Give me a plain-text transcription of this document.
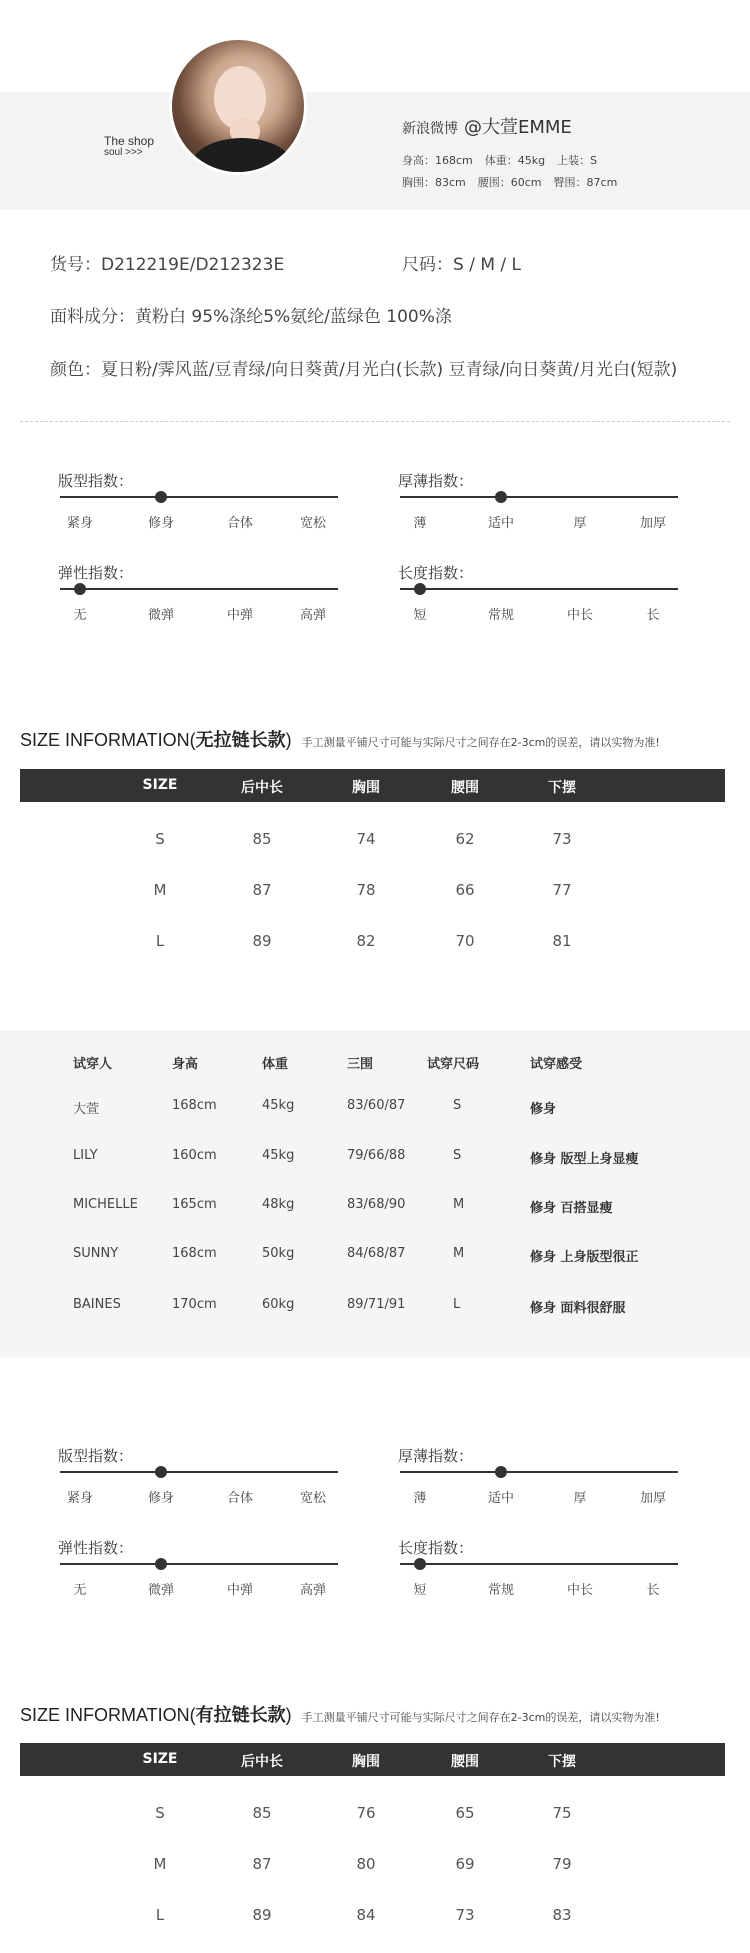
The shop
soul >>>
新浪微博 @大萱EMME
身高：168cm 体重：45kg 上装：S
胸围：83cm 腰围：60cm 臀围：87cm
货号：D212219E/D212323E	尺码：S / M / L
面料成分：黄粉白 95%涤纶5%氨纶/蓝绿色 100%涤
颜色：夏日粉/霁风蓝/豆青绿/向日葵黄/月光白(长款) 豆青绿/向日葵黄/月光白(短款)
版型指数：
紧身	修身	合体	宽松
厚薄指数：
薄	适中	厚	加厚
弹性指数：
无	微弹	中弹	高弹
长度指数：
短	常规	中长	长
SIZE INFORMATION(无拉链长款) 手工测量平铺尺寸可能与实际尺寸之间存在2-3cm的误差，请以实物为准!
SIZE	后中长	胸围	腰围	下摆
S	85	74	62	73
M	87	78	66	77
L	89	82	70	81
试穿人	身高	体重	三围	试穿尺码	试穿感受
大萱	168cm	45kg	83/60/87	S	修身
LILY	160cm	45kg	79/66/88	S	修身 版型上身显瘦
MICHELLE	165cm	48kg	83/68/90	M	修身 百搭显瘦
SUNNY	168cm	50kg	84/68/87	M	修身 上身版型很正
BAINES	170cm	60kg	89/71/91	L	修身 面料很舒服
版型指数：
紧身	修身	合体	宽松
厚薄指数：
薄	适中	厚	加厚
弹性指数：
无	微弹	中弹	高弹
长度指数：
短	常规	中长	长
SIZE INFORMATION(有拉链长款) 手工测量平铺尺寸可能与实际尺寸之间存在2-3cm的误差，请以实物为准!
SIZE	后中长	胸围	腰围	下摆
S	85	76	65	75
M	87	80	69	79
L	89	84	73	83
